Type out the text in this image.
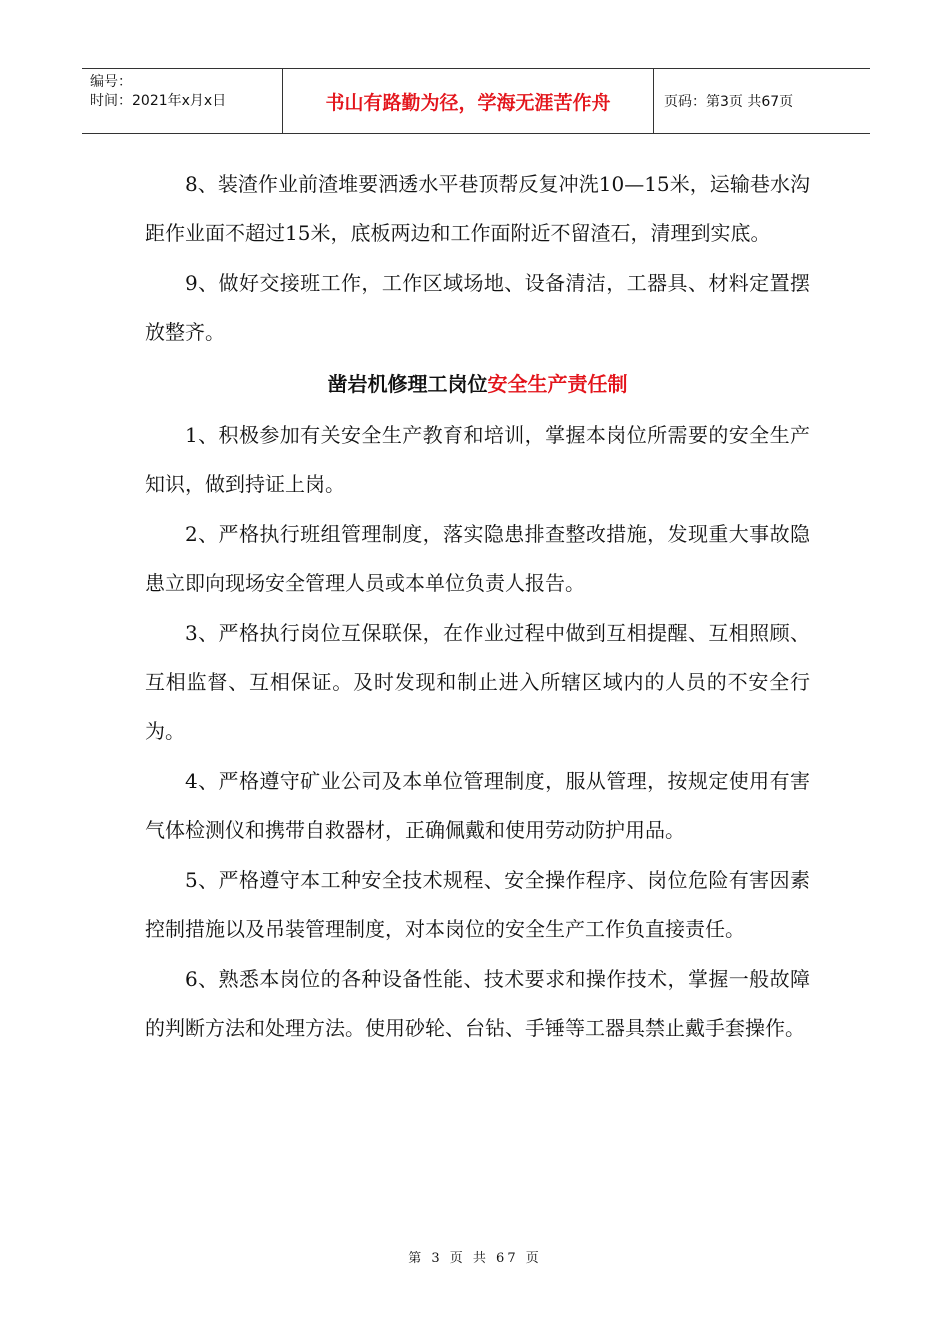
编号：
时间：2021年x月x日	书山有路勤为径，学海无涯苦作舟	页码：第3页 共67页

8、装渣作业前渣堆要洒透水平巷顶帮反复冲洗10—15米，运输巷水沟距作业面不超过15米，底板两边和工作面附近不留渣石，清理到实底。

9、做好交接班工作，工作区域场地、设备清洁，工器具、材料定置摆放整齐。

凿岩机修理工岗位安全生产责任制

1、积极参加有关安全生产教育和培训，掌握本岗位所需要的安全生产知识，做到持证上岗。

2、严格执行班组管理制度，落实隐患排查整改措施，发现重大事故隐患立即向现场安全管理人员或本单位负责人报告。

3、严格执行岗位互保联保，在作业过程中做到互相提醒、互相照顾、互相监督、互相保证。及时发现和制止进入所辖区域内的人员的不安全行为。

4、严格遵守矿业公司及本单位管理制度，服从管理，按规定使用有害气体检测仪和携带自救器材，正确佩戴和使用劳动防护用品。

5、严格遵守本工种安全技术规程、安全操作程序、岗位危险有害因素控制措施以及吊装管理制度，对本岗位的安全生产工作负直接责任。

6、熟悉本岗位的各种设备性能、技术要求和操作技术，掌握一般故障的判断方法和处理方法。使用砂轮、台钻、手锤等工器具禁止戴手套操作。

第 3 页 共 67 页
